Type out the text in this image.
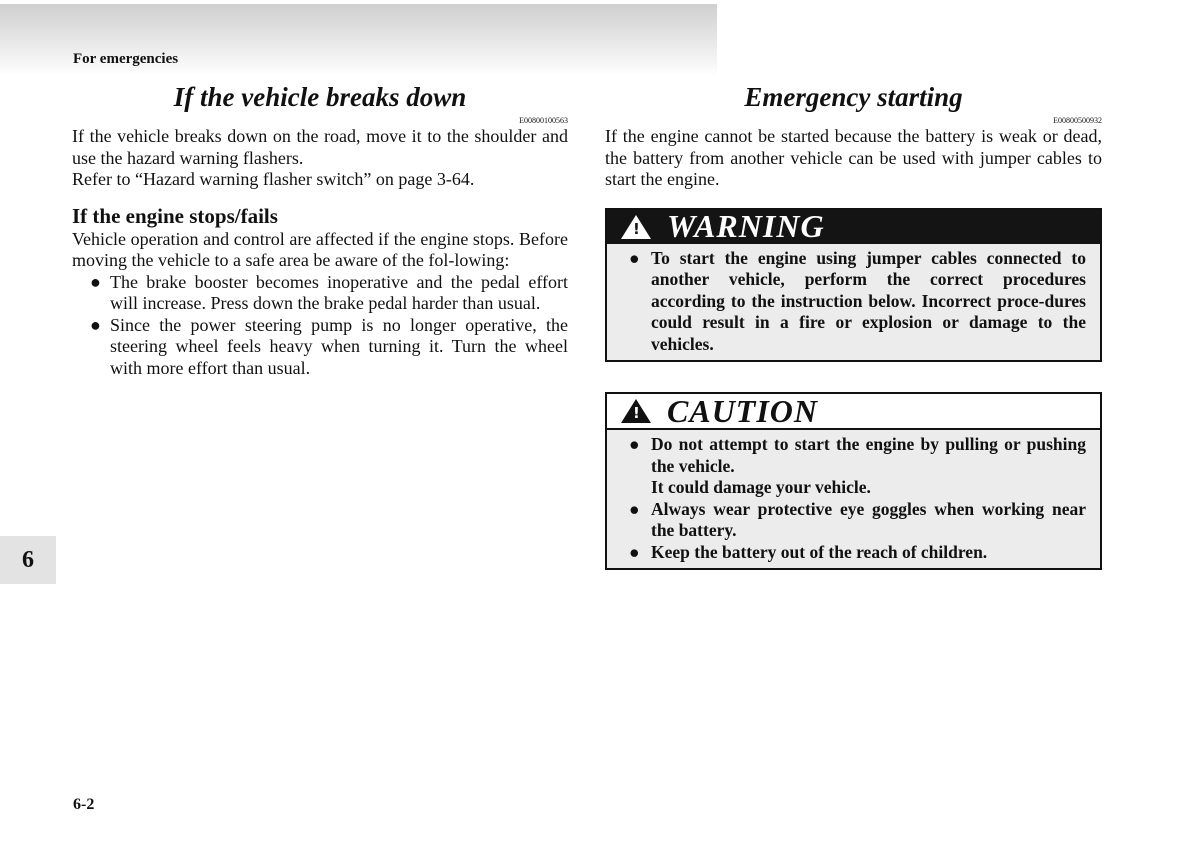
For emergencies
If the vehicle breaks down
E00800100563

If the vehicle breaks down on the road, move it to the shoulder and use the hazard warning flashers.

Refer to “Hazard warning flasher switch” on page 3-64.

If the engine stops/fails

Vehicle operation and control are affected if the engine stops. Before moving the vehicle to a safe area be aware of the fol-lowing:

● The brake booster becomes inoperative and the pedal effort will increase. Press down the brake pedal harder than usual.
● Since the power steering pump is no longer operative, the steering wheel feels heavy when turning it. Turn the wheel with more effort than usual.
Emergency starting
E00800500932

If the engine cannot be started because the battery is weak or dead, the battery from another vehicle can be used with jumper cables to start the engine.

! WARNING
● To start the engine using jumper cables connected to another vehicle, perform the correct procedures according to the instruction below. Incorrect proce-dures could result in a fire or explosion or damage to the vehicles.
! CAUTION
● Do not attempt to start the engine by pulling or pushing the vehicle.
It could damage your vehicle.
● Always wear protective eye goggles when working near the battery.
● Keep the battery out of the reach of children.
6
6-2
